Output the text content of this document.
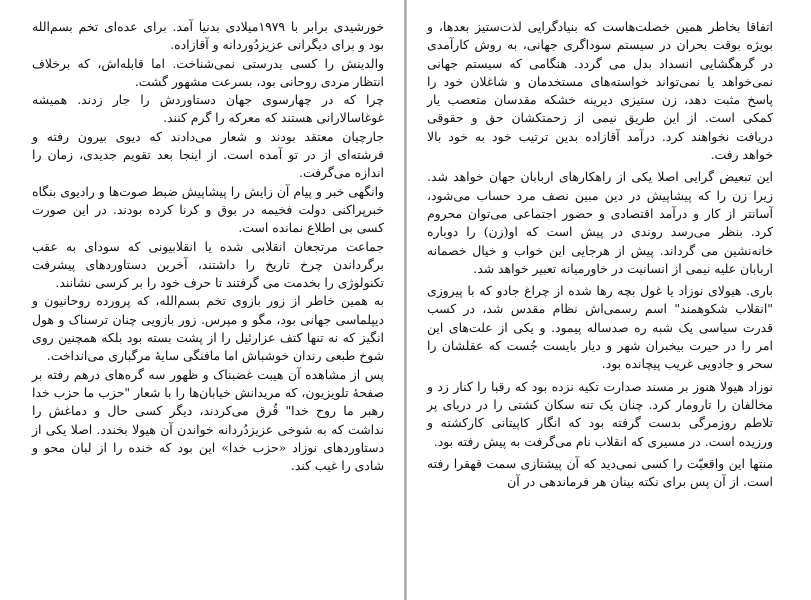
خورشیدی برابر با ۱۹۷۹میلادی بدنیا آمد. برای عده‌ای تخم بسم‌الله بود و برای دیگرانی عزیزدُوردانه و آقازاده.

والدینش را کسی بدرستی نمی‌شناخت. اما قابله‌اش، که برخلاف انتظار مردی روحانی بود، بسرعت مشهور گشت.

چرا که در چهارسوی جهان دستاوردش را جار زدند. همیشه غوغاسالارانی هستند که معرکه را گرم کنند.

جارچیان معتقد بودند و شعار می‌دادند که دیوی بیرون رفته و فرشته‌ای از در تو آمده است. از اینجا بعد تقویم جدیدی، زمان را اندازه می‌گرفت.

وانگهی خبر و پیام آن زایش را پیشاپیش ضبط صوت‌ها و رادیوی بنگاه خبرپراکنی دولت فخیمه در بوق و کرنا کرده بودند. در این صورت کسی بی اطلاع نمانده است.

جماعت مرتجعان انقلابی شده یا انقلابیونی که سودای به عقب برگرداندن چرخ تاریخ را داشتند، آخرین دستاوردهای پیشرفت تکنولوژی را بخدمت می گرفتند تا حرف خود را بر کرسی نشانند.

به همین خاطر از زور بازوی تخم بسم‌الله، که پرورده روحانیون و دیپلماسی جهانی بود، مگو و مپرس. زور بازویی چنان ترسناک و هول انگیز که نه تنها کتف عزارئیل را از پشت بسته بود بلکه همچنین روی شوخ طبعی رندان خوشباش اما مافنگی سایهٔ مرگباری می‌انداخت.

پس از مشاهده آن هیبت غضبناک و ظهور سه گره‌های درهم رفته بر صفحهٔ تلویزیون، که مریدانش خیابان‌ها را با شعار "حزب ما حزب خدا رهبر ما روح خدا" قُرق می‌کردند، دیگر کسی حال و دماغش را نداشت که به شوخی عزیزدُردانه خواندن آن هیولا بخندد. اصلا یکی از دستاوردهای نوزاد «حزب خدا» این بود که خنده را از لبان محو و شادی را غیب کند.

اتفاقا بخاطر همین خصلت‌هاست که بنیادگرایی لذت‌ستیز بعدها، و بویژه بوقت بحران در سیستم سوداگری جهانی، به روش کارآمدی در گرهگشایی انسداد بدل می گردد. هنگامی که سیستم جهانی نمی‌خواهد یا نمی‌تواند خواسته‌های مستخدمان و شاغلان خود را پاسخ مثبت دهد، زن ستیزی دیرینه خشکه مقدسان متعصب یار کمکی است. از این طریق نیمی از زحمتکشان حق و حقوقی دریافت نخواهند کرد. درآمد آقازاده بدین ترتیب خود به خود بالا خواهد رفت.

این تبعیض گرایی اصلا یکی از راهکارهای اربابان جهان خواهد شد. زیرا زن را که پیشاپیش در دین مبین نصف مرد حساب می‌شود، آسانتر از کار و درآمد اقتصادی و حضور اجتماعی می‌توان محروم کرد. بنظر می‌رسد روندی در پیش است که او(زن) را دوباره خانه‌نشین می گرداند. پیش از هرجایی این خواب و خیال خصمانه اربابان علیه نیمی از انسانیت در خاورمیانه تعبیر خواهد شد.

باری. هیولای نوزاد یا غول بچه رها شده از چراغ جادو که با پیروزی "انقلاب شکوهمند" اسم رسمی‌اش نظام مقدس شد، در کسب قدرت سیاسی یک شبه ره صدساله پیمود. و یکی از علت‌های این امر را در حیرت بیخبران شهر و دیار بایست جُست که عقلشان را سحر و جادویی غریب پیچانده بود.

نوزاد هیولا هنوز بر مسند صدارت تکیه نزده بود که رقبا را کنار زد و مخالفان را تارومار کرد. چنان یک تنه سکان کشتی را در دریای پر تلاطم روزمرگی بدست گرفته بود که انگار کاپیتانی کارکشته و ورزیده است. در مسیری که انقلاب نام می‌گرفت به پیش رفته بود.

منتها این واقعیّت را کسی نمی‌دید که آن پیشتازی سمت قهقرا رفته است. از آن پس برای نکته بینان هر فرماندهی در آن
